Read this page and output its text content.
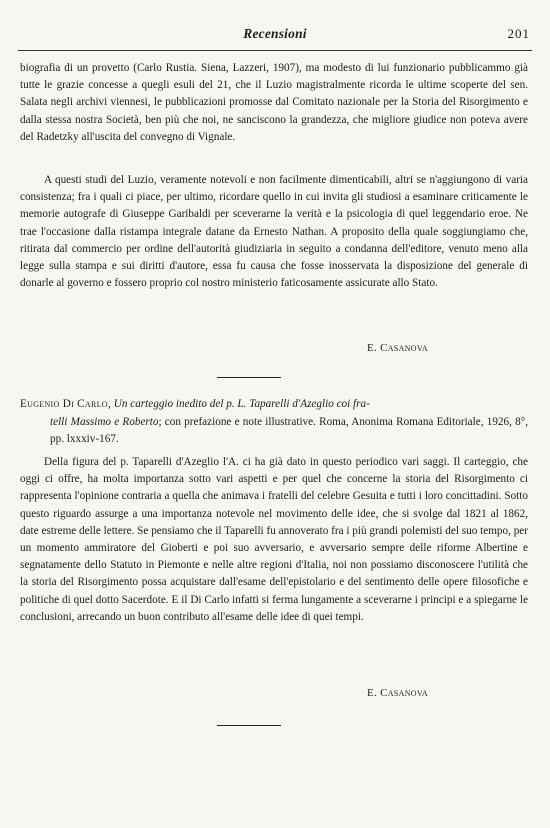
Recensioni	201

biografia di un provetto (Carlo Rustia. Siena, Lazzeri, 1907), ma modesto di lui funzionario pubblicammo già tutte le grazie concesse a quegli esuli del 21, che il Luzio magistralmente ricorda le ultime scoperte del sen. Salata negli archivi viennesi, le pubblicazioni promosse dal Comitato nazionale per la Storia del Risorgimento e dalla stessa nostra Società, ben più che noi, ne sanciscono la grandezza, che migliore giudice non poteva avere del Radetzky all'uscita del convegno di Vignale.

A questi studi del Luzio, veramente notevoli e non facilmente dimenticabili, altri se n'aggiungono di varia consistenza; fra i quali ci piace, per ultimo, ricordare quello in cui invita gli studiosi a esaminare criticamente le memorie autografe di Giuseppe Garibaldi per sceverarne la verità e la psicologia di quel leggendario eroe. Ne trae l'occasione dalla ristampa integrale datane da Ernesto Nathan. A proposito della quale soggiungiamo che, ritirata dal commercio per ordine dell'autorità giudiziaria in seguito a condanna dell'editore, venuto meno alla legge sulla stampa e sui diritti d'autore, essa fu causa che fosse inosservata la disposizione del generale di donarle al governo e fossero proprio col nostro ministerio faticosamente assicurate allo Stato.

E. Casanova
Eugenio Di Carlo, Un carteggio inedito del p. L. Taparelli d'Azeglio coi fra-
telli Massimo e Roberto; con prefazione e note illustrative. Roma, Anonima Romana Editoriale, 1926, 8°, pp. lxxxiv-167.

Della figura del p. Taparelli d'Azeglio l'A. ci ha già dato in questo periodico vari saggi. Il carteggio, che oggi ci offre, ha molta importanza sotto vari aspetti e per quel che concerne la storia del Risorgimento ci rappresenta l'opinione contraria a quella che animava i fratelli del celebre Gesuita e tutti i loro concittadini. Sotto questo riguardo assurge a una importanza notevole nel movimento delle idee, che si svolge dal 1821 al 1862, date estreme delle lettere. Se pensiamo che il Taparelli fu annoverato fra i più grandi polemisti del suo tempo, per un momento ammiratore del Gioberti e poi suo avversario, e avversario sempre delle riforme Albertine e segnatamente dello Statuto in Piemonte e nelle altre regioni d'Italia, noi non possiamo disconoscere l'utilità che la storia del Risorgimento possa acquistare dall'esame dell'epistolario e del sentimento delle opere filosofiche e politiche di quel dotto Sacerdote. E il Di Carlo infatti si ferma lungamente a sceverarne i principi e a spiegarne le conclusioni, arrecando un buon contributo all'esame delle idee di quei tempi.

E. Casanova
